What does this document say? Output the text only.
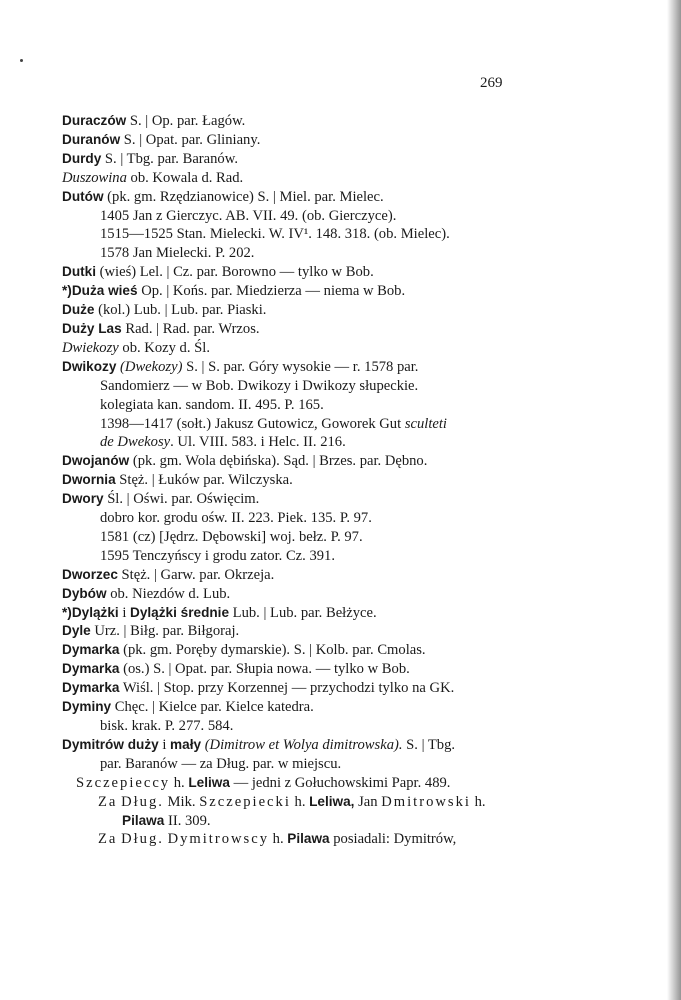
269
Duraczów S. | Op. par. Łagów.
Duranów S. | Opat. par. Gliniany.
Durdy S. | Tbg. par. Baranów.
Duszowina ob. Kowala d. Rad.
Dutów (pk. gm. Rzędzianowice) S. | Miel. par. Mielec.
1405 Jan z Gierczyc. AB. VII. 49. (ob. Gierczyce).
1515—1525 Stan. Mielecki. W. IV¹. 148. 318. (ob. Mielec).
1578 Jan Mielecki. P. 202.
Dutki (wieś) Lel. | Cz. par. Borowno — tylko w Bob.
*)Duża wieś Op. | Końs. par. Miedzierza — niema w Bob.
Duże (kol.) Lub. | Lub. par. Piaski.
Duży Las Rad. | Rad. par. Wrzos.
Dwiekozy ob. Kozy d. Śl.
Dwikozy (Dwekozy) S. | S. par. Góry wysokie — r. 1578 par.
Sandomierz — w Bob. Dwikozy i Dwikozy słupeckie.
kolegiata kan. sandom. II. 495. P. 165.
1398—1417 (sołt.) Jakusz Gutowicz, Goworek Gut sculteti
de Dwekosy. Ul. VIII. 583. i Helc. II. 216.
Dwojanów (pk. gm. Wola dębińska). Sąd. | Brzes. par. Dębno.
Dwornia Stęż. | Łuków par. Wilczyska.
Dwory Śl. | Oświ. par. Oświęcim.
dobro kor. grodu ośw. II. 223. Piek. 135. P. 97.
1581 (cz) [Jędrz. Dębowski] woj. bełz. P. 97.
1595 Tenczyńscy i grodu zator. Cz. 391.
Dworzec Stęż. | Garw. par. Okrzeja.
Dybów ob. Niezdów d. Lub.
*)Dylążki i Dylążki średnie Lub. | Lub. par. Bełżyce.
Dyle Urz. | Biłg. par. Biłgoraj.
Dymarka (pk. gm. Poręby dymarskie). S. | Kolb. par. Cmolas.
Dymarka (os.) S. | Opat. par. Słupia nowa. — tylko w Bob.
Dymarka Wiśl. | Stop. przy Korzennej — przychodzi tylko na GK.
Dyminy Chęc. | Kielce par. Kielce katedra.
bisk. krak. P. 277. 584.
Dymitrów duży i mały (Dimitrow et Wolya dimitrowska). S. | Tbg.
par. Baranów — za Dług. par. w miejscu.
Szczepieccy h. Leliwa — jedni z Gołuchowskimi Papr. 489.
Za Dług. Mik. Szczepiecki h. Leliwa, Jan Dmitrowski h.
Pilawa II. 309.
Za Dług. Dymitrowscy h. Pilawa posiadali: Dymitrów,
